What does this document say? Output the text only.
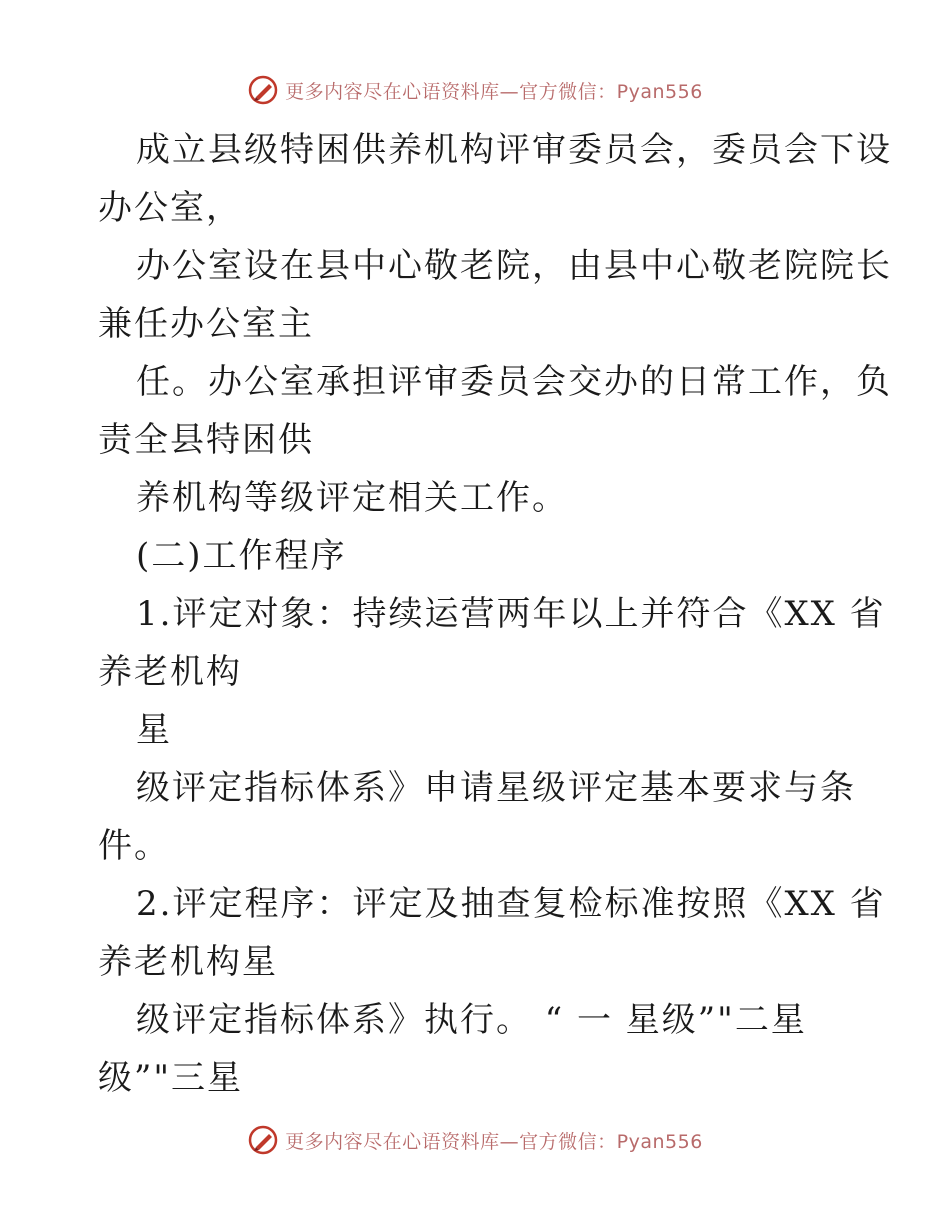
更多内容尽在心语资料库—官方微信：Pyan556
成立县级特困供养机构评审委员会，委员会下设
办公室，
办公室设在县中心敬老院，由县中心敬老院院长
兼任办公室主
任。办公室承担评审委员会交办的日常工作，负
责全县特困供
养机构等级评定相关工作。
(二)工作程序
1.评定对象：持续运营两年以上并符合《XX 省
养老机构
星
级评定指标体系》申请星级评定基本要求与条
件。
2.评定程序：评定及抽查复检标准按照《XX 省
养老机构星
级评定指标体系》执行。 “ 一 星级”"二星
级”"三星
更多内容尽在心语资料库—官方微信：Pyan556
